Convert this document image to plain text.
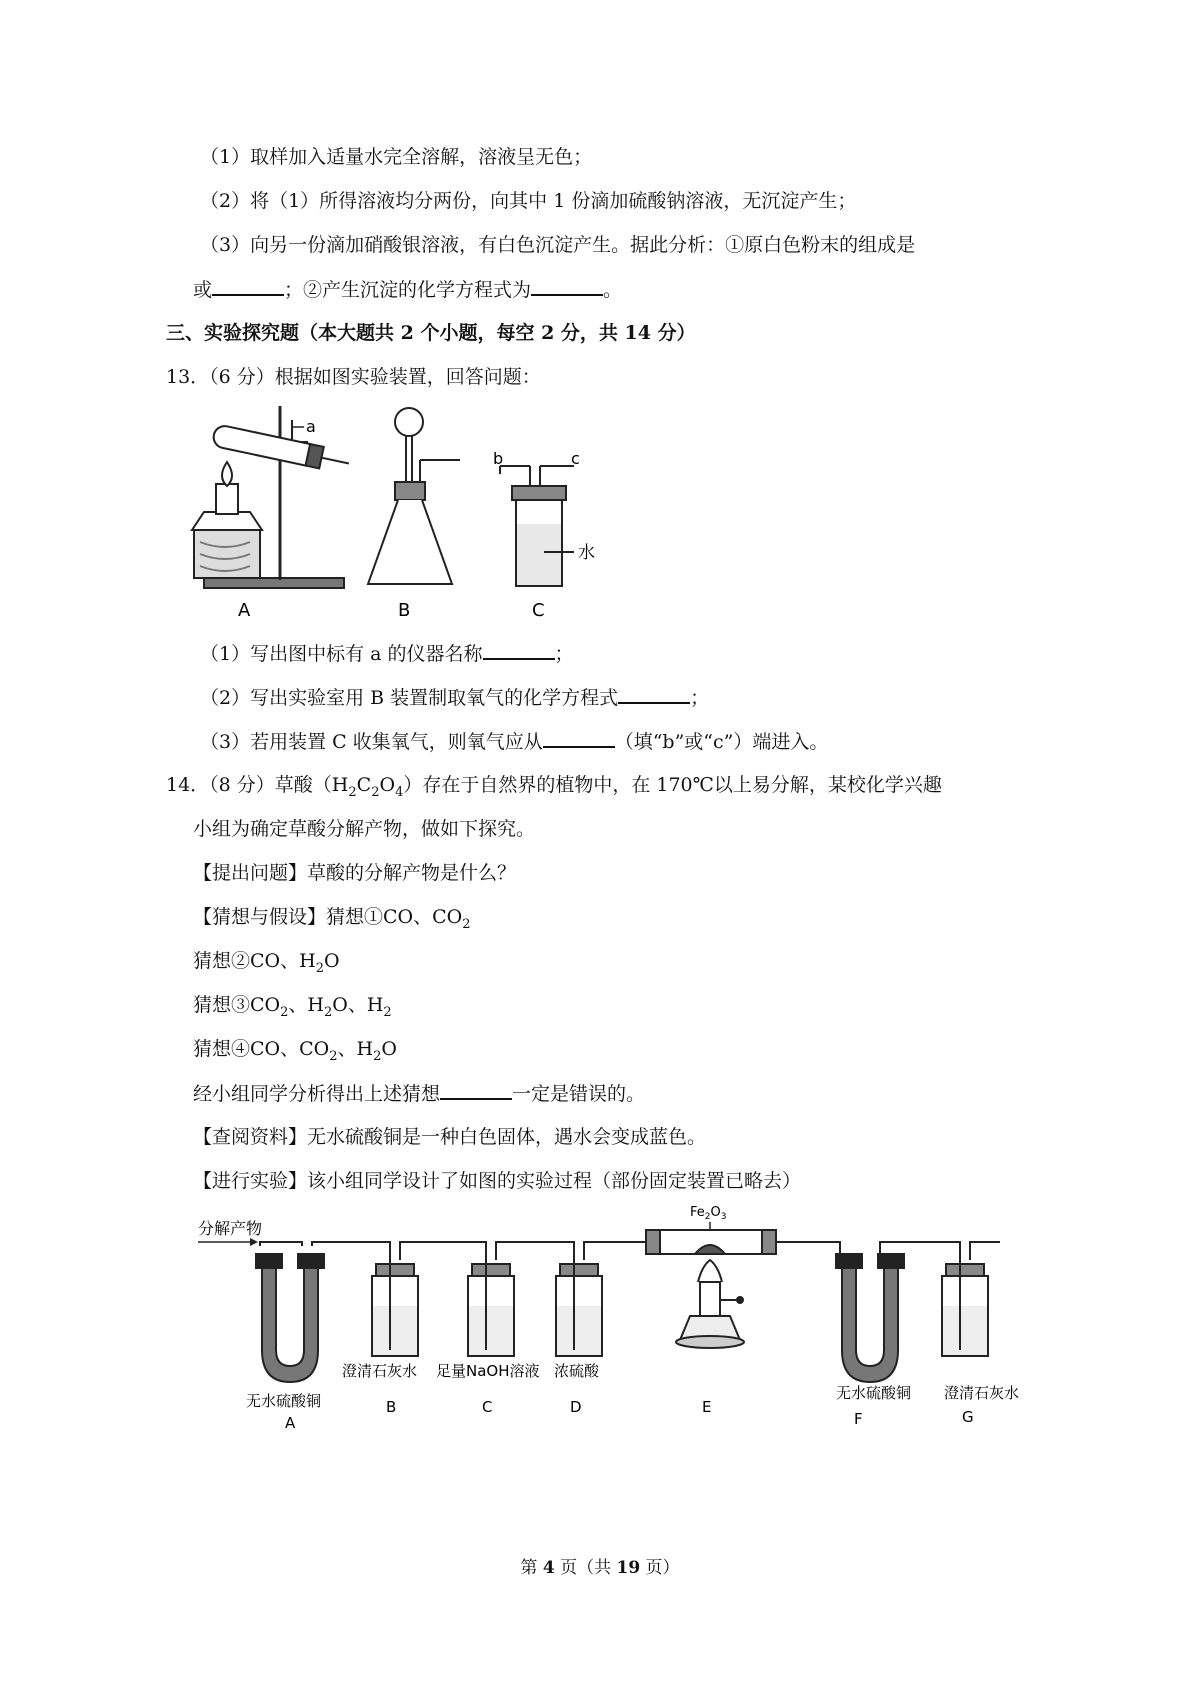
（1）取样加入适量水完全溶解，溶液呈无色；
（2）将（1）所得溶液均分两份，向其中 1 份滴加硫酸钠溶液，无沉淀产生；
（3）向另一份滴加硝酸银溶液，有白色沉淀产生。据此分析：①原白色粉末的组成是
或	；②产生沉淀的化学方程式为	。
三、实验探究题（本大题共 2 个小题，每空 2 分，共 14 分）
13．（6 分）根据如图实验装置，回答问题：
a
A	B
b	c
水
C
（1）写出图中标有 a 的仪器名称	；
（2）写出实验室用 B 装置制取氧气的化学方程式	；
（3）若用装置 C 收集氧气，则氧气应从	（填“b”或“c”）端进入。
14．（8 分）草酸$(H_2C_2O_4)$存在于自然界的植物中，在 170℃以上易分解，某校化学兴趣
小组为确定草酸分解产物，做如下探究。
【提出问题】草酸的分解产物是什么？
【猜想与假设】猜想①CO、$CO_2$
猜想②CO、$H_2O$
猜想$③CO_2$、$H_2O$、$H_2$
猜想④CO、$CO_2$、$H_2O$
经小组同学分析得出上述猜想	一定是错误的。
【查阅资料】无水硫酸铜是一种白色固体，遇水会变成蓝色。
【进行实验】该小组同学设计了如图的实验过程（部份固定装置已略去）
分解产物
无水硫酸铜
A
澄清石灰水
B
足量NaOH溶液
C
浓硫酸
D
$Fe_2O_3$
E
无水硫酸铜
F
澄清石灰水
G
第 4 页（共 19 页）
